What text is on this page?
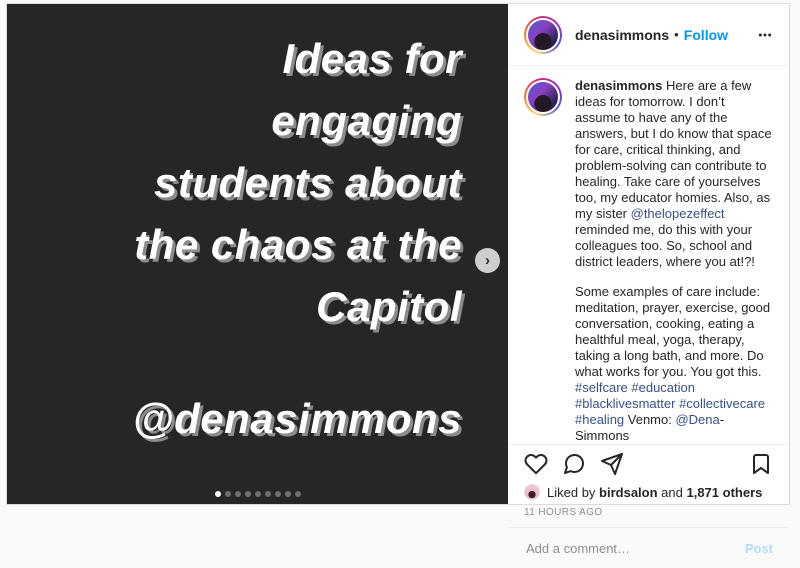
Ideas for
engaging
students about
the chaos at the
Capitol
@denasimmons
›
denasimmons • Follow

denasimmons Here are a few ideas for tomorrow. I don’t assume to have any of the answers, but I do know that space for care, critical thinking, and problem-solving can contribute to healing. Take care of yourselves too, my educator homies. Also, as my sister @thelopezeffect reminded me, do this with your colleagues too. So, school and district leaders, where you at!?!

Some examples of care include: meditation, prayer, exercise, good conversation, cooking, eating a healthful meal, yoga, therapy, taking a long bath, and more. Do what works for you. You got this. #selfcare #education #blacklivesmatter #collectivecare #healing Venmo: @Dena-Simmons

Liked by birdsalon and 1,871 others
11 HOURS AGO
Add a comment…
Post
